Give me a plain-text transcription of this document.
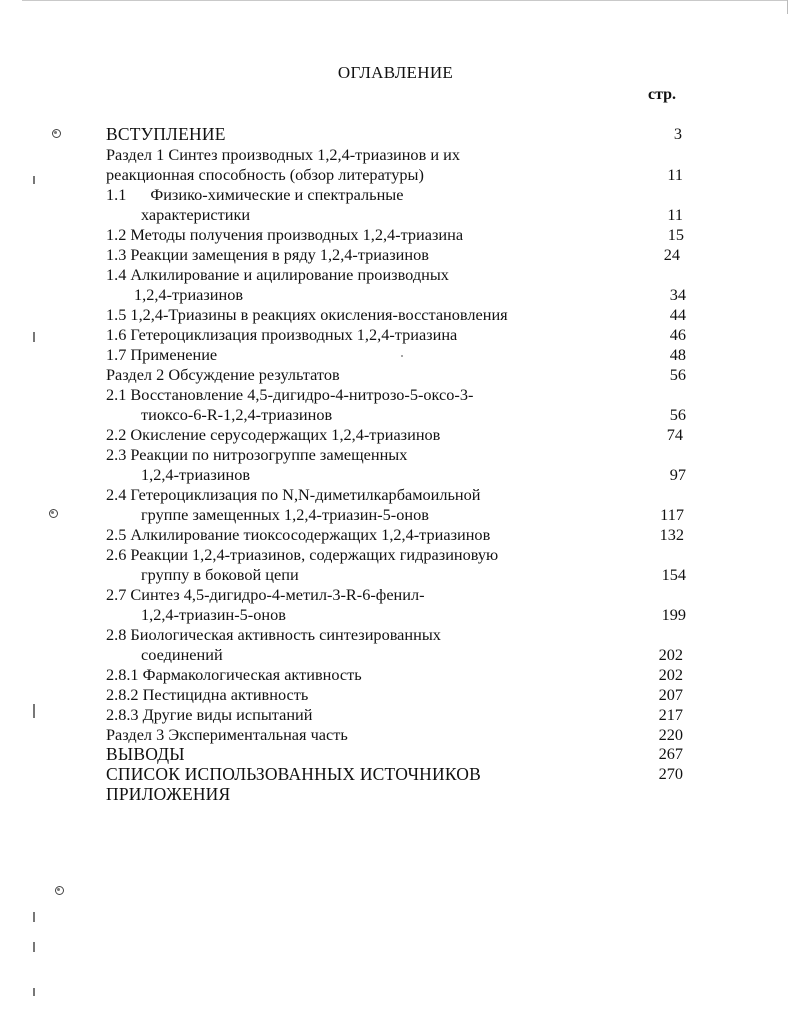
ОГЛАВЛЕНИЕ
стр.
ВСТУПЛЕНИЕ
Раздел 1 Синтез производных 1,2,4-триазинов и их
реакционная способность (обзор литературы)
1.1 Физико-химические и спектральные
характеристики
1.2 Методы получения производных 1,2,4-триазина
1.3 Реакции замещения в ряду 1,2,4-триазинов
1.4 Алкилирование и ацилирование производных
1,2,4-триазинов
1.5 1,2,4-Триазины в реакциях окисления-восстановления
1.6 Гетероциклизация производных 1,2,4-триазина
1.7 Применение
Раздел 2 Обсуждение результатов
2.1 Восстановление 4,5-дигидро-4-нитрозо-5-оксо-3-
тиоксо-6-R-1,2,4-триазинов
2.2 Окисление серусодержащих 1,2,4-триазинов
2.3 Реакции по нитрозогруппе замещенных
1,2,4-триазинов
2.4 Гетероциклизация по N,N-диметилкарбамоильной
группе замещенных 1,2,4-триазин-5-онов
2.5 Алкилирование тиоксосодержащих 1,2,4-триазинов
2.6 Реакции 1,2,4-триазинов, содержащих гидразиновую
группу в боковой цепи
2.7 Синтез 4,5-дигидро-4-метил-3-R-6-фенил-
1,2,4-триазин-5-онов
2.8 Биологическая активность синтезированных
соединений
2.8.1 Фармакологическая активность
2.8.2 Пестицидна активность
2.8.3 Другие виды испытаний
Раздел 3 Экспериментальная часть
ВЫВОДЫ
СПИСОК ИСПОЛЬЗОВАННЫХ ИСТОЧНИКОВ
ПРИЛОЖЕНИЯ
3
11
11
15
24
34
44
46
48
56
56
74
97
117
132
154
199
202
202
207
217
220
267
270
